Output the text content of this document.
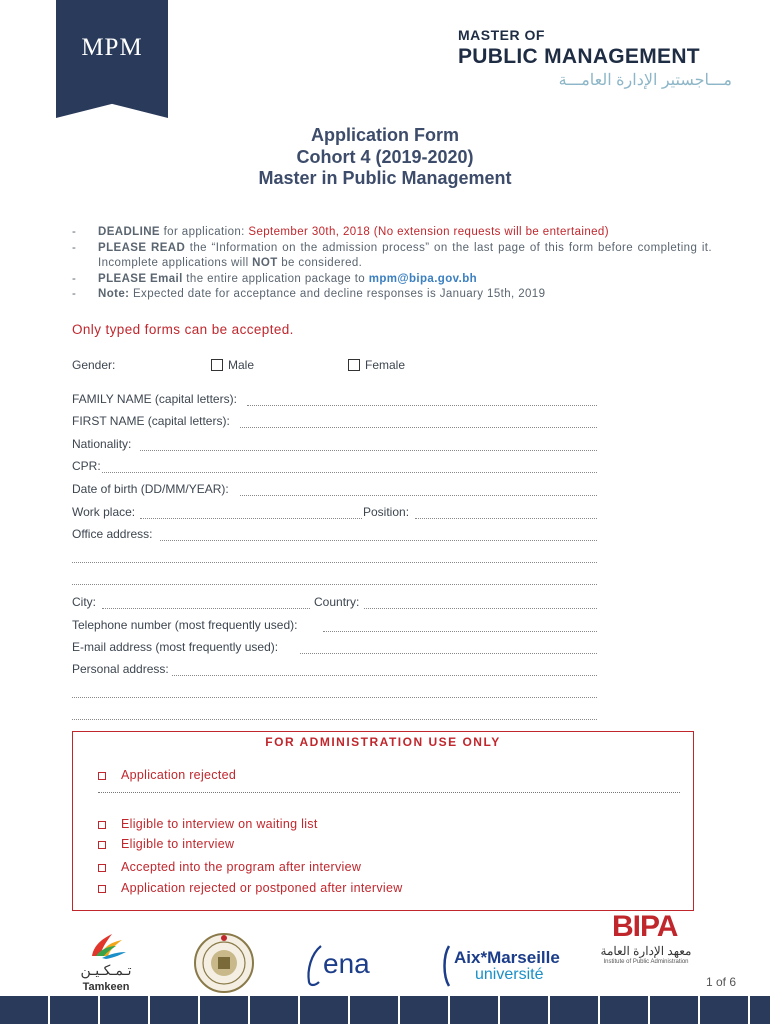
MPM	MASTER OF
PUBLIC MANAGEMENT
مـــاجستير الإدارة العامـــة
Application Form
Cohort 4 (2019-2020)
Master in Public Management
- DEADLINE for application: September 30th, 2018 (No extension requests will be entertained)
- PLEASE READ the “Information on the admission process” on the last page of this form before completing it. Incomplete applications will NOT be considered.
- PLEASE Email the entire application package to mpm@bipa.gov.bh
- Note: Expected date for acceptance and decline responses is January 15th, 2019
Only typed forms can be accepted.
Gender:	Male	Female
FAMILY NAME (capital letters):
FIRST NAME (capital letters):
Nationality:
CPR:
Date of birth (DD/MM/YEAR):
Work place:	Position:
Office address:
City:	Country:
Telephone number (most frequently used):
E-mail address (most frequently used):
Personal address:
FOR ADMINISTRATION USE ONLY
Application rejected
Eligible to interview on waiting list
Eligible to interview
Accepted into the program after interview
Application rejected or postponed after interview
تـمـكـيـن
Tamkeen
ena	Aix*Marseille
université
BIPA
معهد الإدارة العامة
Institute of Public Administration
1 of 6
